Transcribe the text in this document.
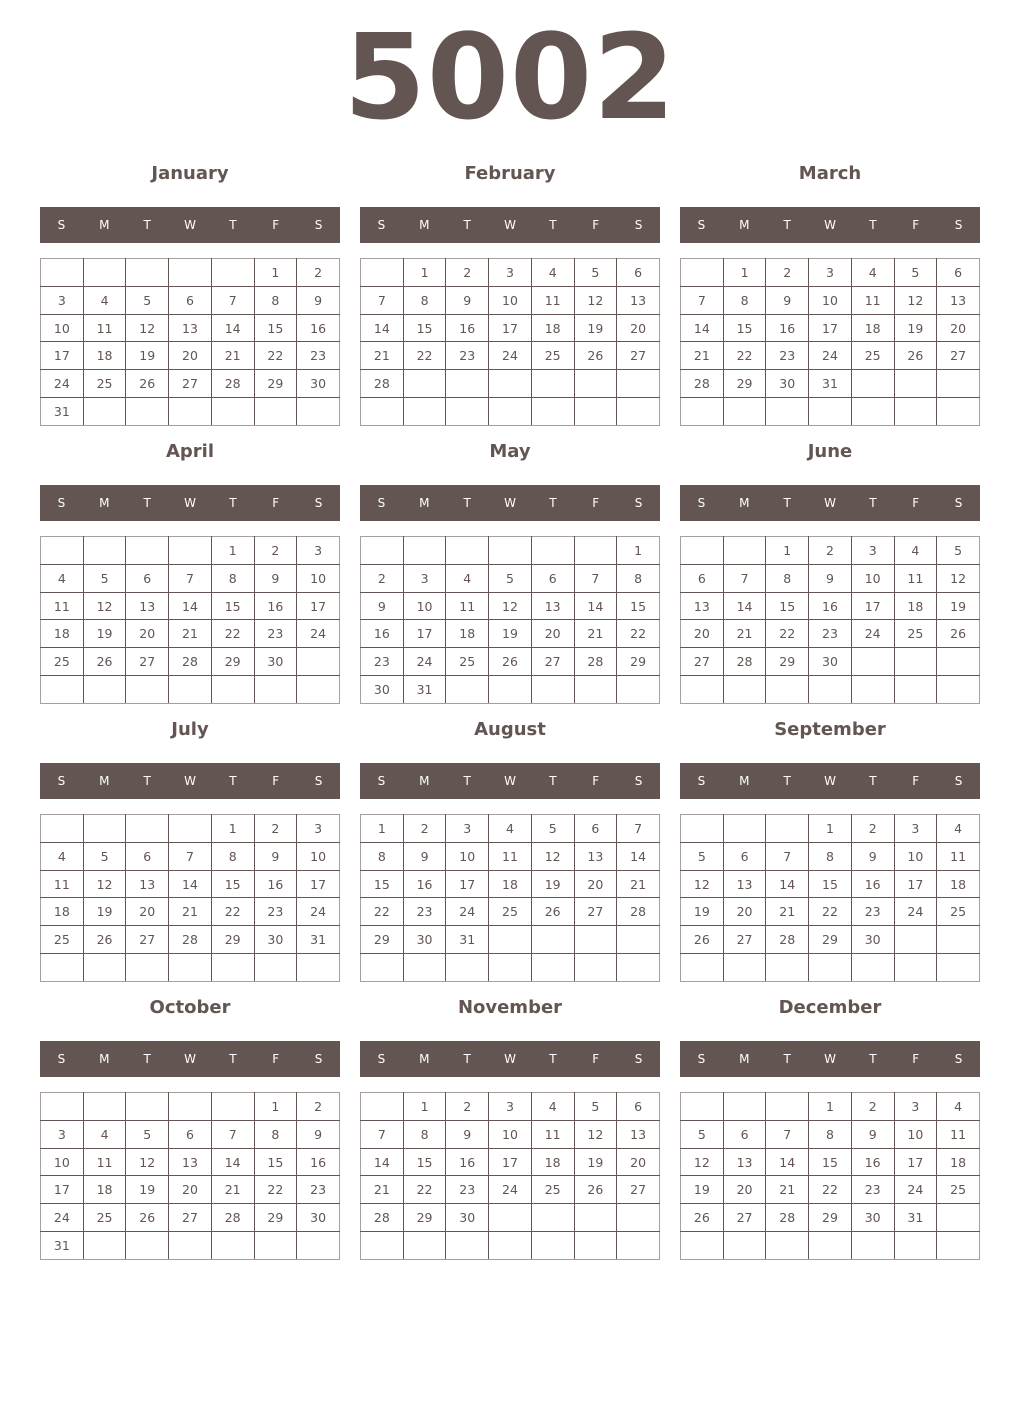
5002
January
S	M	T	W	T	F	S
					1	2
3	4	5	6	7	8	9
10	11	12	13	14	15	16
17	18	19	20	21	22	23
24	25	26	27	28	29	30
31						
February
S	M	T	W	T	F	S
	1	2	3	4	5	6
7	8	9	10	11	12	13
14	15	16	17	18	19	20
21	22	23	24	25	26	27
28						

March
S	M	T	W	T	F	S
	1	2	3	4	5	6
7	8	9	10	11	12	13
14	15	16	17	18	19	20
21	22	23	24	25	26	27
28	29	30	31			

April
S	M	T	W	T	F	S
				1	2	3
4	5	6	7	8	9	10
11	12	13	14	15	16	17
18	19	20	21	22	23	24
25	26	27	28	29	30	

May
S	M	T	W	T	F	S
						1
2	3	4	5	6	7	8
9	10	11	12	13	14	15
16	17	18	19	20	21	22
23	24	25	26	27	28	29
30	31					
June
S	M	T	W	T	F	S
		1	2	3	4	5
6	7	8	9	10	11	12
13	14	15	16	17	18	19
20	21	22	23	24	25	26
27	28	29	30			

July
S	M	T	W	T	F	S
				1	2	3
4	5	6	7	8	9	10
11	12	13	14	15	16	17
18	19	20	21	22	23	24
25	26	27	28	29	30	31

August
S	M	T	W	T	F	S
1	2	3	4	5	6	7
8	9	10	11	12	13	14
15	16	17	18	19	20	21
22	23	24	25	26	27	28
29	30	31				

September
S	M	T	W	T	F	S
			1	2	3	4
5	6	7	8	9	10	11
12	13	14	15	16	17	18
19	20	21	22	23	24	25
26	27	28	29	30		

October
S	M	T	W	T	F	S
					1	2
3	4	5	6	7	8	9
10	11	12	13	14	15	16
17	18	19	20	21	22	23
24	25	26	27	28	29	30
31						
November
S	M	T	W	T	F	S
	1	2	3	4	5	6
7	8	9	10	11	12	13
14	15	16	17	18	19	20
21	22	23	24	25	26	27
28	29	30				

December
S	M	T	W	T	F	S
			1	2	3	4
5	6	7	8	9	10	11
12	13	14	15	16	17	18
19	20	21	22	23	24	25
26	27	28	29	30	31	
